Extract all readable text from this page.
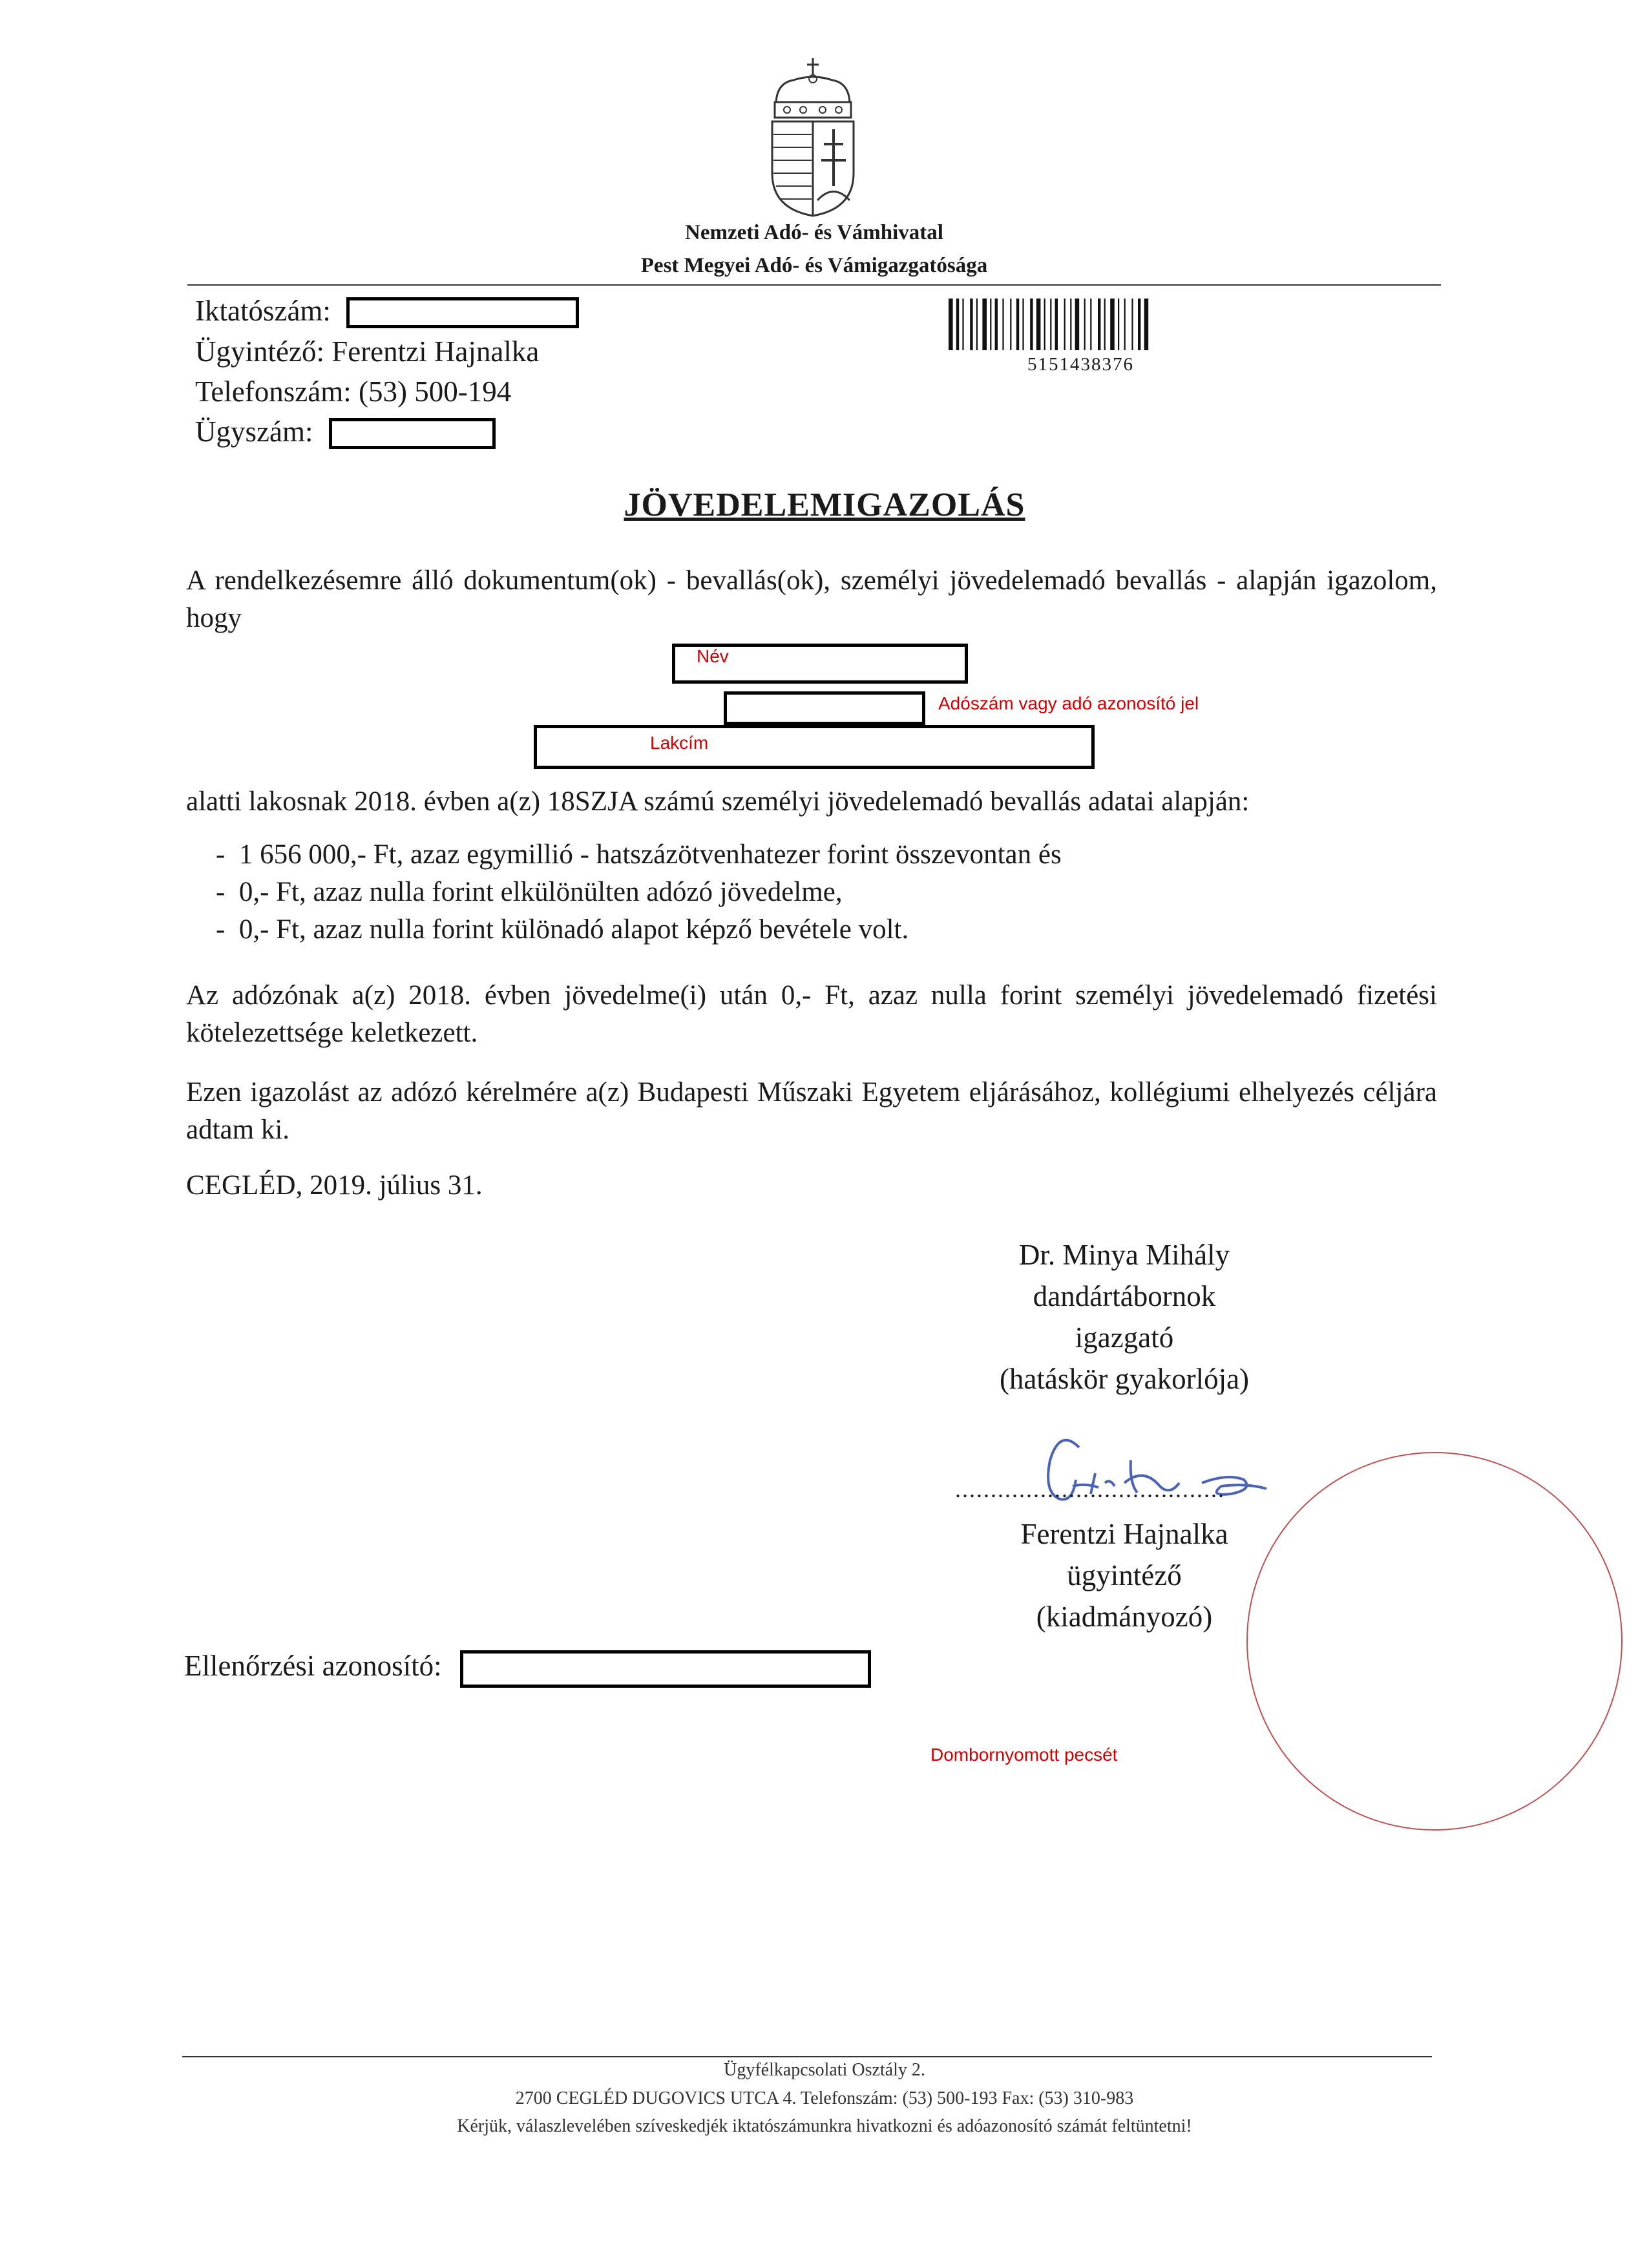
Nemzeti Adó- és Vámhivatal
Pest Megyei Adó- és Vámigazgatósága
Iktatószám:
Ügyintéző: Ferentzi Hajnalka
Telefonszám: (53) 500-194
Ügyszám:
5151438376
JÖVEDELEMIGAZOLÁS
A rendelkezésemre álló dokumentum(ok) - bevallás(ok), személyi jövedelemadó bevallás - alapján igazolom, hogy
Név
Adószám vagy adó azonosító jel
Lakcím
alatti lakosnak 2018. évben a(z) 18SZJA számú személyi jövedelemadó bevallás adatai alapján:
-  1 656 000,- Ft, azaz egymillió - hatszázötvenhatezer forint összevontan és
-  0,- Ft, azaz nulla forint elkülönülten adózó jövedelme,
-  0,- Ft, azaz nulla forint különadó alapot képző bevétele volt.
Az adózónak a(z) 2018. évben jövedelme(i) után 0,- Ft, azaz nulla forint személyi jövedelemadó fizetési kötelezettsége keletkezett.
Ezen igazolást az adózó kérelmére a(z) Budapesti Műszaki Egyetem eljárásához, kollégiumi elhelyezés céljára adtam ki.
CEGLÉD, 2019. július 31.
Dr. Minya Mihály
dandártábornok
igazgató
(hatáskör gyakorlója)
......................................
Ferentzi Hajnalka
ügyintéző
(kiadmányozó)
Ellenőrzési azonosító:
Dombornyomott pecsét
Ügyfélkapcsolati Osztály 2.
2700 CEGLÉD DUGOVICS UTCA 4. Telefonszám: (53) 500-193 Fax: (53) 310-983
Kérjük, válaszlevelében szíveskedjék iktatószámunkra hivatkozni és adóazonosító számát feltüntetni!
